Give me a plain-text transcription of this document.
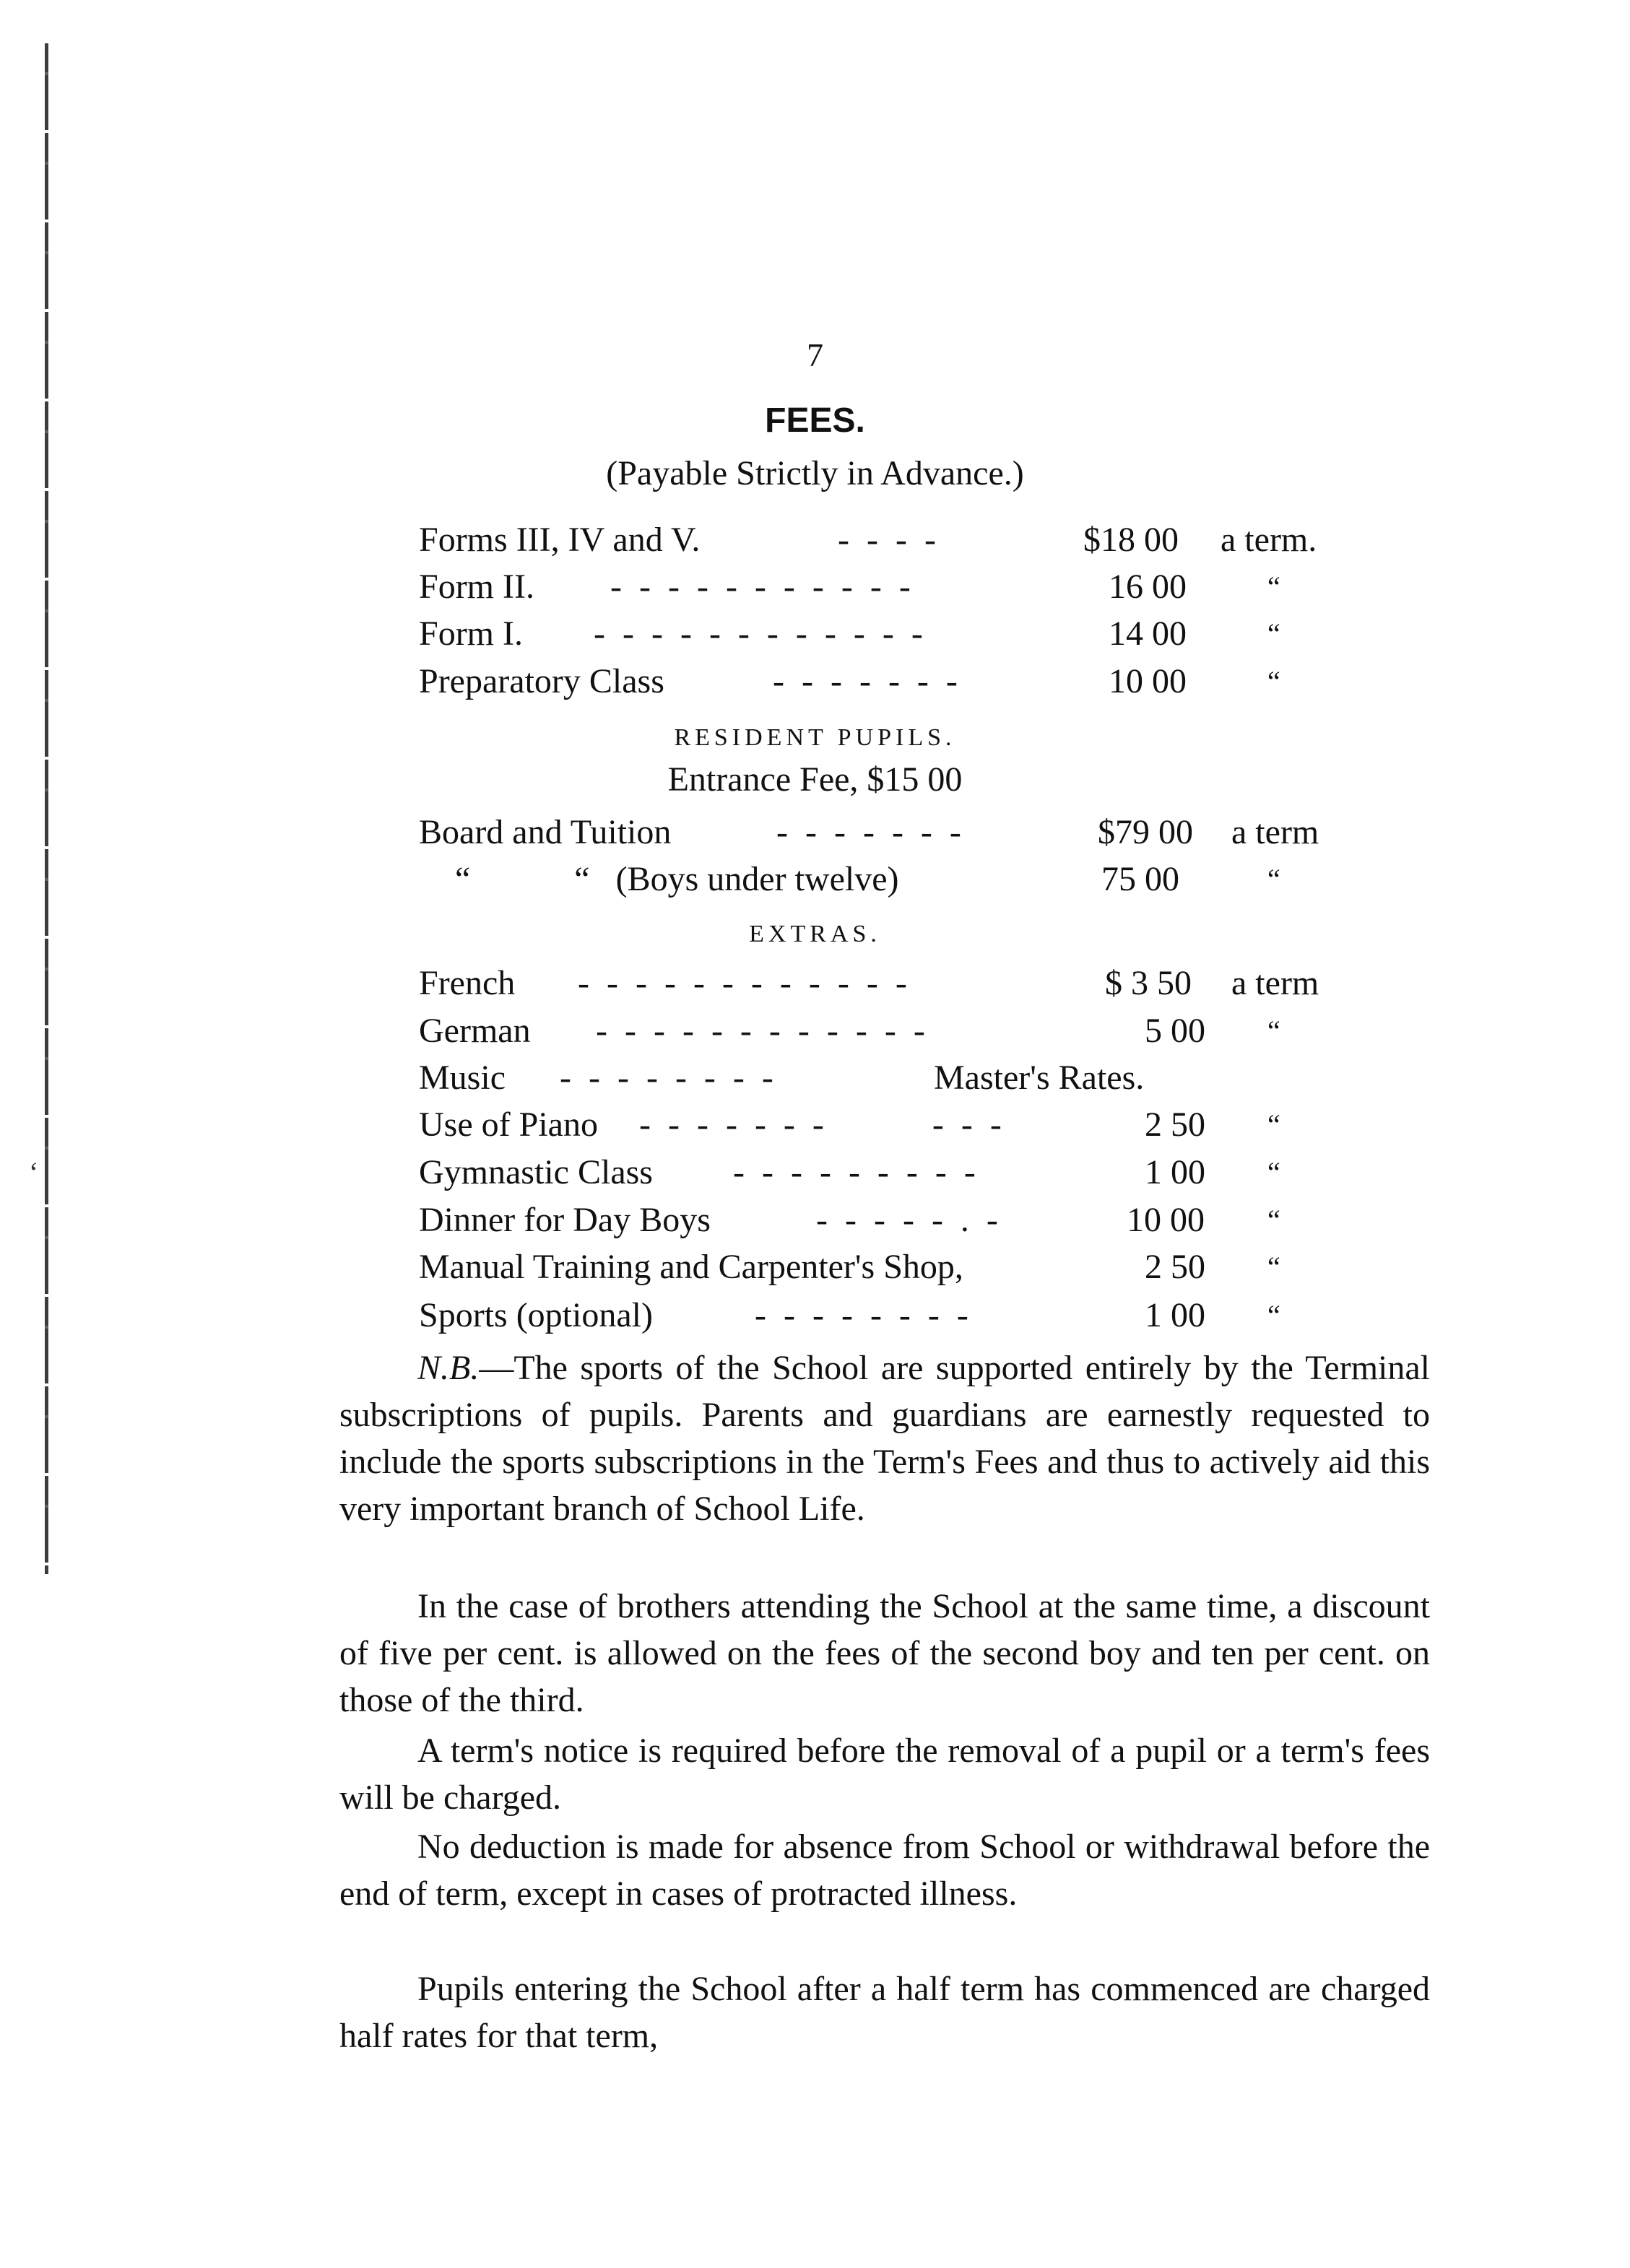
ʻ
7
FEES.
(Payable Strictly in Advance.)
Forms III, IV and V.	- - - -	$18 00 a term.
Form II. - - - - - - - - - - -	16 00	“
Form I. - - - - - - - - - - - -	14 00	“
Preparatory Class	- - - - - - -	10 00	“
RESIDENT PUPILS.
Entrance Fee, $15 00
Board and Tuition	- - - - - - -	$79 00 a term
“            “   (Boys under twelve)	75 00	“
EXTRAS.
French - - - - - - - - - - - -	$ 3 50 a term
German - - - - - - - - - - - -	5 00 “
Music - - - - - - - -	Master's Rates.
Use of Piano - - - - - - -        - - -	2 50 “
Gymnastic Class - - - - - - - - -	1 00 “
Dinner for Day Boys	- - - - - . -	10 00 “
Manual Training and Carpenter's Shop,	2 50 “
Sports (optional)	- - - - - - - -	1 00 “

N.B.—The sports of the School are supported entirely by the Terminal subscriptions of pupils. Parents and guardians are earnestly requested to include the sports subscriptions in the Term's Fees and thus to actively aid this very important branch of School Life.

In the case of brothers attending the School at the same time, a discount of five per cent. is allowed on the fees of the second boy and ten per cent. on those of the third.

A term's notice is required before the removal of a pupil or a term's fees will be charged.

No deduction is made for absence from School or withdrawal before the end of term, except in cases of protracted illness.

Pupils entering the School after a half term has commenced are charged half rates for that term,
